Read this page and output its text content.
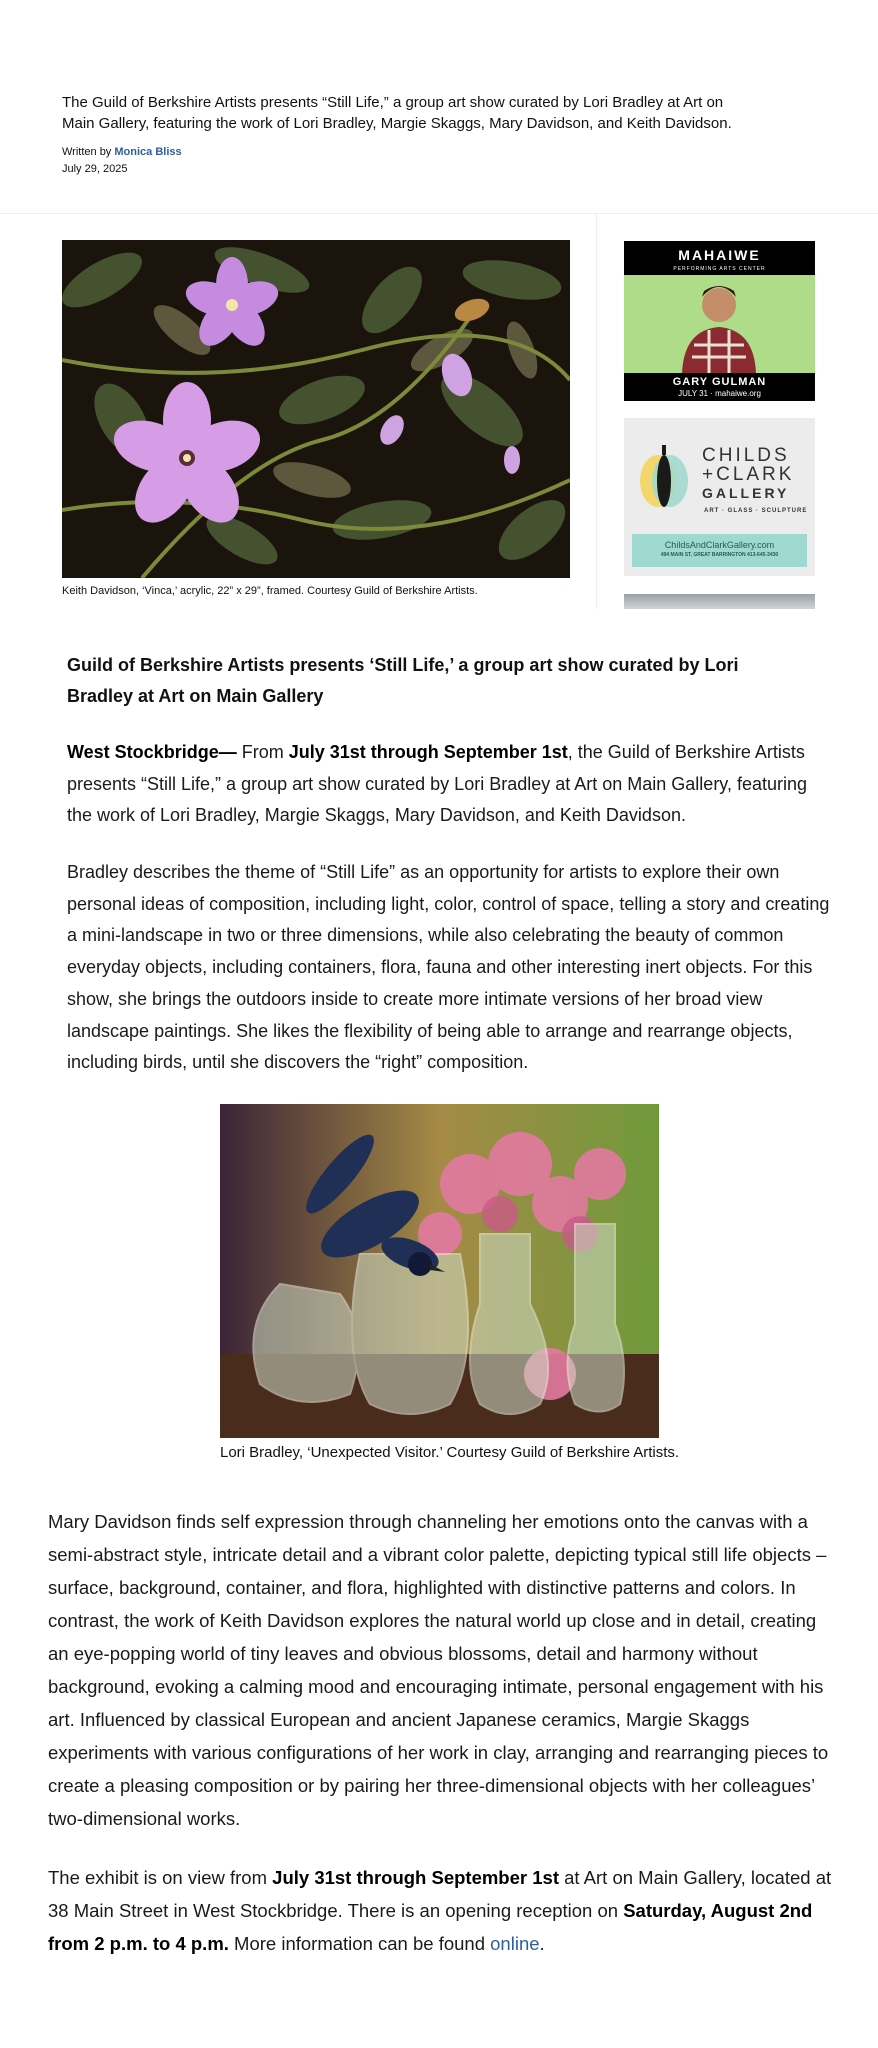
The Guild of Berkshire Artists presents “Still Life,” a group art show curated by Lori Bradley at Art on Main Gallery, featuring the work of Lori Bradley, Margie Skaggs, Mary Davidson, and Keith Davidson.

Written by Monica Bliss
July 29, 2025
Keith Davidson, ‘Vinca,’ acrylic, 22” x 29”, framed. Courtesy Guild of Berkshire Artists.
MAHAIWE
PERFORMING ARTS CENTER
GARY GULMAN
JULY 31 · mahaiwe.org
CHILDS
+CLARK
GALLERY
ART · GLASS · SCULPTURE
ChildsAndClarkGallery.com
494 MAIN ST, GREAT BARRINGTON 413-645-3430
Guild of Berkshire Artists presents ‘Still Life,’ a group art show curated by Lori Bradley at Art on Main Gallery

West Stockbridge— From July 31st through September 1st, the Guild of Berkshire Artists presents “Still Life,” a group art show curated by Lori Bradley at Art on Main Gallery, featuring the work of Lori Bradley, Margie Skaggs, Mary Davidson, and Keith Davidson.

Bradley describes the theme of “Still Life” as an opportunity for artists to explore their own personal ideas of composition, including light, color, control of space, telling a story and creating a mini-landscape in two or three dimensions, while also celebrating the beauty of common everyday objects, including containers, flora, fauna and other interesting inert objects. For this show, she brings the outdoors inside to create more intimate versions of her broad view landscape paintings. She likes the flexibility of being able to arrange and rearrange objects, including birds, until she discovers the “right” composition.

Lori Bradley, ‘Unexpected Visitor.’ Courtesy Guild of Berkshire Artists.

Mary Davidson finds self expression through channeling her emotions onto the canvas with a semi-abstract style, intricate detail and a vibrant color palette, depicting typical still life objects – surface, background, container, and flora, highlighted with distinctive patterns and colors. In contrast, the work of Keith Davidson explores the natural world up close and in detail, creating an eye-popping world of tiny leaves and obvious blossoms, detail and harmony without background, evoking a calming mood and encouraging intimate, personal engagement with his art. Influenced by classical European and ancient Japanese ceramics, Margie Skaggs experiments with various configurations of her work in clay, arranging and rearranging pieces to create a pleasing composition or by pairing her three-dimensional objects with her colleagues’ two-dimensional works.

The exhibit is on view from July 31st through September 1st at Art on Main Gallery, located at 38 Main Street in West Stockbridge. There is an opening reception on Saturday, August 2nd from 2 p.m. to 4 p.m. More information can be found online.
